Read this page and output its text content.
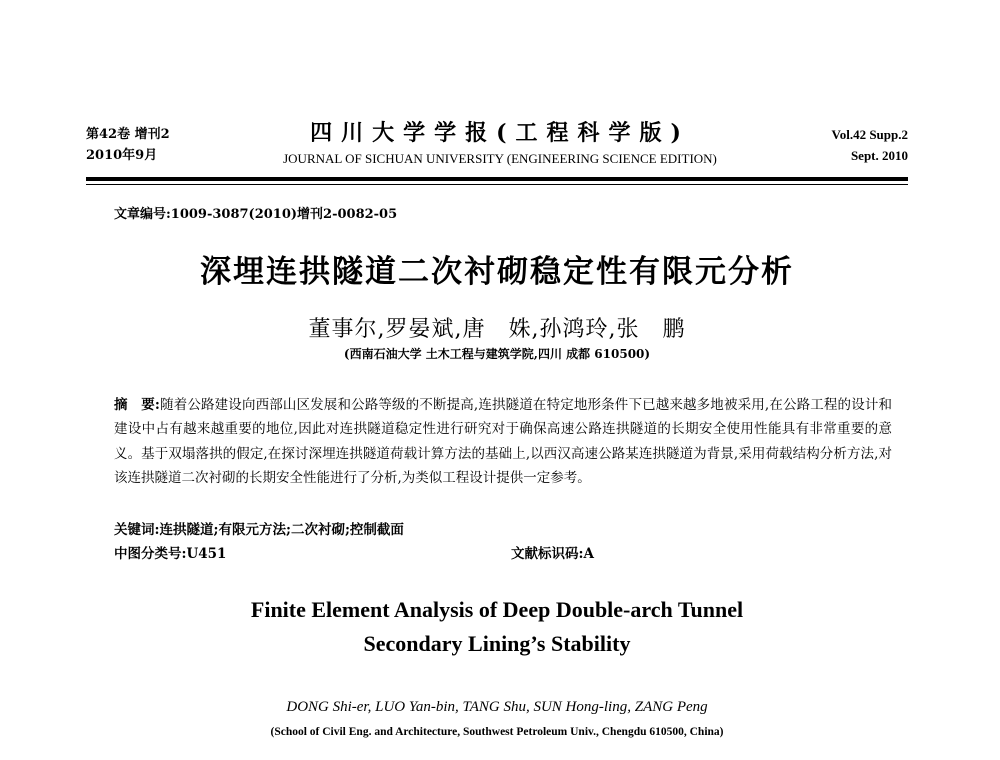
第42卷 增刊2
2010年9月
四川大学学报(工程科学版)
JOURNAL OF SICHUAN UNIVERSITY (ENGINEERING SCIENCE EDITION)
Vol.42 Supp.2
Sept. 2010
文章编号:1009-3087(2010)增刊2-0082-05
深埋连拱隧道二次衬砌稳定性有限元分析
董事尔,罗晏斌,唐　姝,孙鸿玲,张　鹏
(西南石油大学 土木工程与建筑学院,四川 成都 610500)
摘　要:随着公路建设向西部山区发展和公路等级的不断提高,连拱隧道在特定地形条件下已越来越多地被采用,在公路工程的设计和建设中占有越来越重要的地位,因此对连拱隧道稳定性进行研究对于确保高速公路连拱隧道的长期安全使用性能具有非常重要的意义。基于双塌落拱的假定,在探讨深埋连拱隧道荷载计算方法的基础上,以西汉高速公路某连拱隧道为背景,采用荷载结构分析方法,对该连拱隧道二次衬砌的长期安全性能进行了分析,为类似工程设计提供一定参考。
关键词:连拱隧道;有限元方法;二次衬砌;控制截面
中图分类号:U451	文献标识码:A
Finite Element Analysis of Deep Double-arch Tunnel
Secondary Lining’s Stability
DONG Shi-er, LUO Yan-bin, TANG Shu, SUN Hong-ling, ZANG Peng
(School of Civil Eng. and Architecture, Southwest Petroleum Univ., Chengdu 610500, China)
